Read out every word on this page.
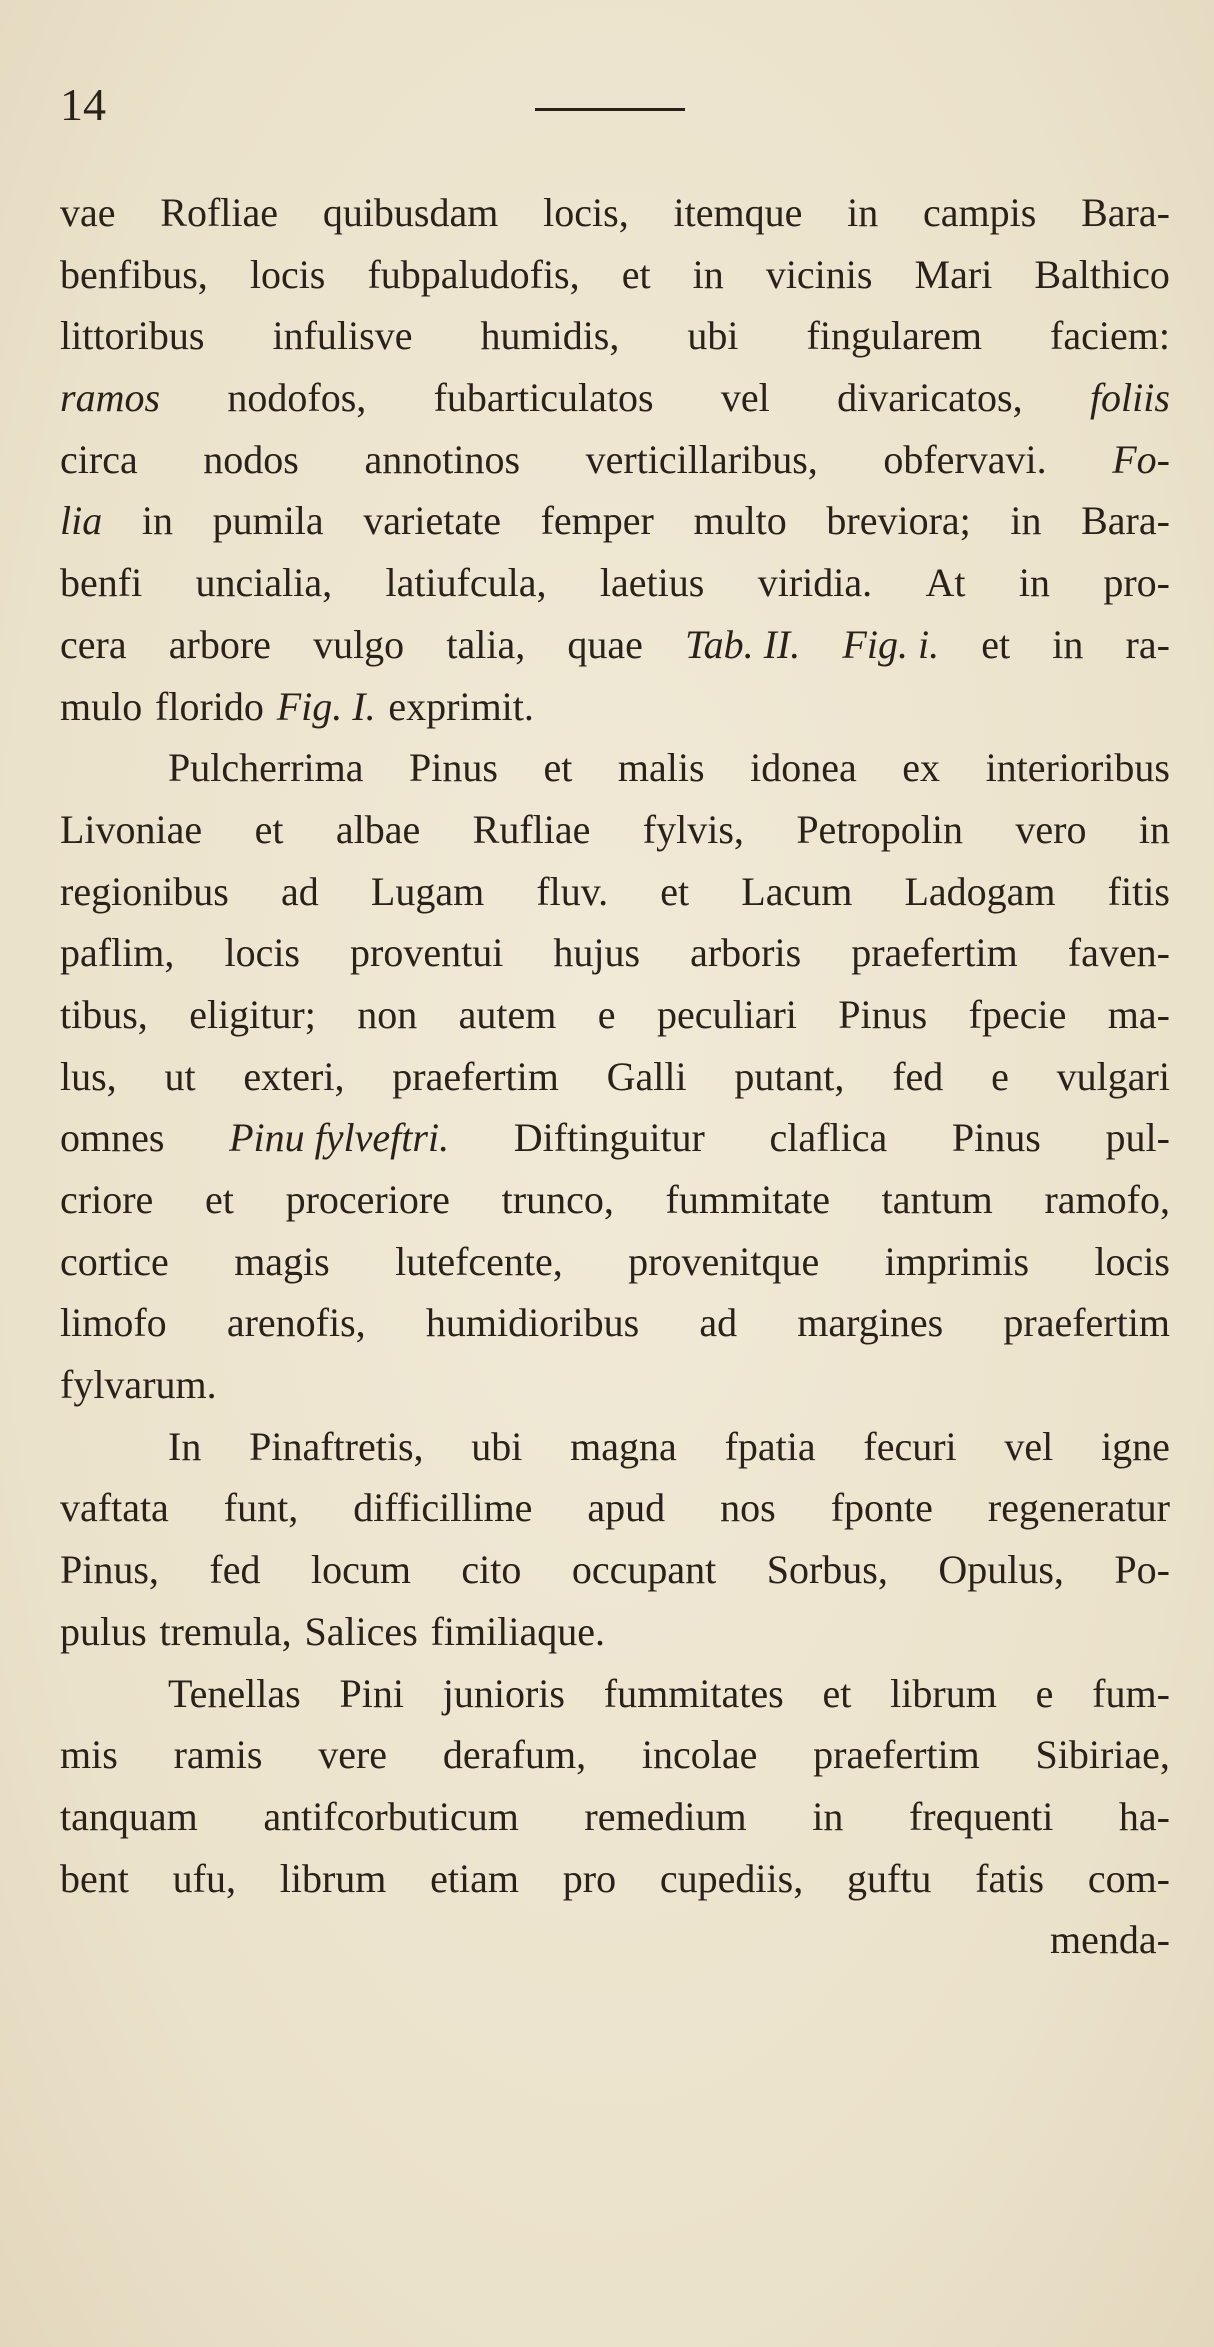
14
vae Rofliae quibusdam locis, itemque in campis Bara-
benfibus, locis fubpaludofis, et in vicinis Mari Balthico
littoribus infulisve humidis, ubi fingularem faciem:
ramos nodofos, fubarticulatos vel divaricatos, foliis
circa nodos annotinos verticillaribus, obfervavi. Fo-
lia in pumila varietate femper multo breviora; in Bara-
benfi uncialia, latiufcula, laetius viridia. At in pro-
cera arbore vulgo talia, quae Tab. II. Fig. i. et in ra-
mulo florido Fig. I. exprimit.
Pulcherrima Pinus et malis idonea ex interioribus
Livoniae et albae Rufliae fylvis, Petropolin vero in
regionibus ad Lugam fluv. et Lacum Ladogam fitis
paflim, locis proventui hujus arboris praefertim faven-
tibus, eligitur; non autem e peculiari Pinus fpecie ma-
lus, ut exteri, praefertim Galli putant, fed e vulgari
omnes Pinu fylveftri. Diftinguitur claflica Pinus pul-
criore et proceriore trunco, fummitate tantum ramofo,
cortice magis lutefcente, provenitque imprimis locis
limofo arenofis, humidioribus ad margines praefertim
fylvarum.
In Pinaftretis, ubi magna fpatia fecuri vel igne
vaftata funt, difficillime apud nos fponte regeneratur
Pinus, fed locum cito occupant Sorbus, Opulus, Po-
pulus tremula, Salices fimiliaque.
Tenellas Pini junioris fummitates et librum e fum-
mis ramis vere derafum, incolae praefertim Sibiriae,
tanquam antifcorbuticum remedium in frequenti ha-
bent ufu, librum etiam pro cupediis, guftu fatis com-
menda-
